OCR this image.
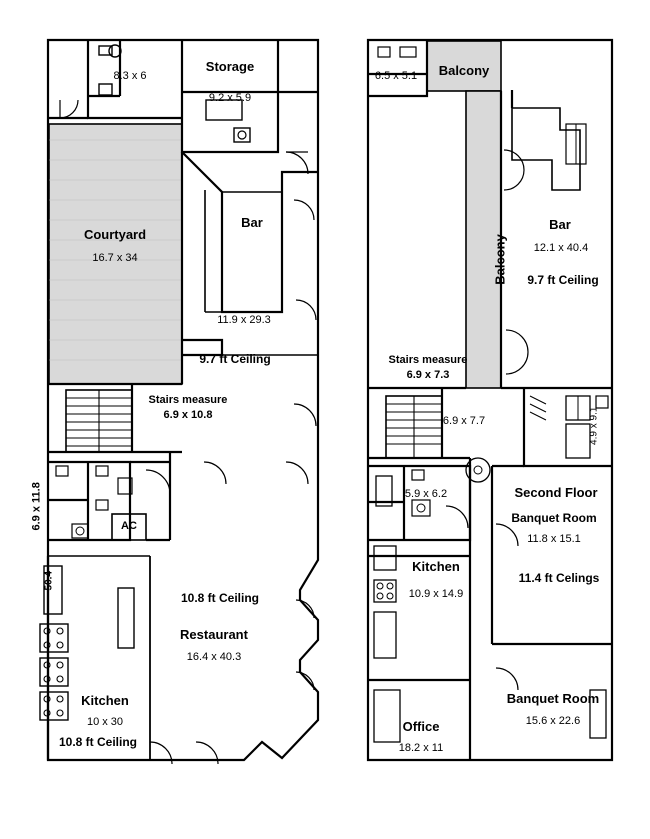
8.3 x 6
Storage
9.2 x 5.9
Courtyard
16.7 x 34
Bar
11.9 x 29.3
9.7 ft Ceiling
Stairs measure
6.9 x 10.8
6.9 x 11.8	AC
10.8 ft Ceiling
Restaurant
16.4 x 40.3
Kitchen
10 x 30
10.8 ft Ceiling
50.4
6.5 x 5.1	Balcony
Balcony
Bar
12.1 x 40.4
9.7 ft Ceiling
Stairs measure
6.9 x 7.3
6.9 x 7.7	4.9 x 9.1
5.9 x 6.2
Kitchen
10.9 x 14.9
Second Floor
Banquet Room
11.8 x 15.1
11.4 ft Celings
Banquet Room
15.6 x 22.6
Office
18.2 x 11
